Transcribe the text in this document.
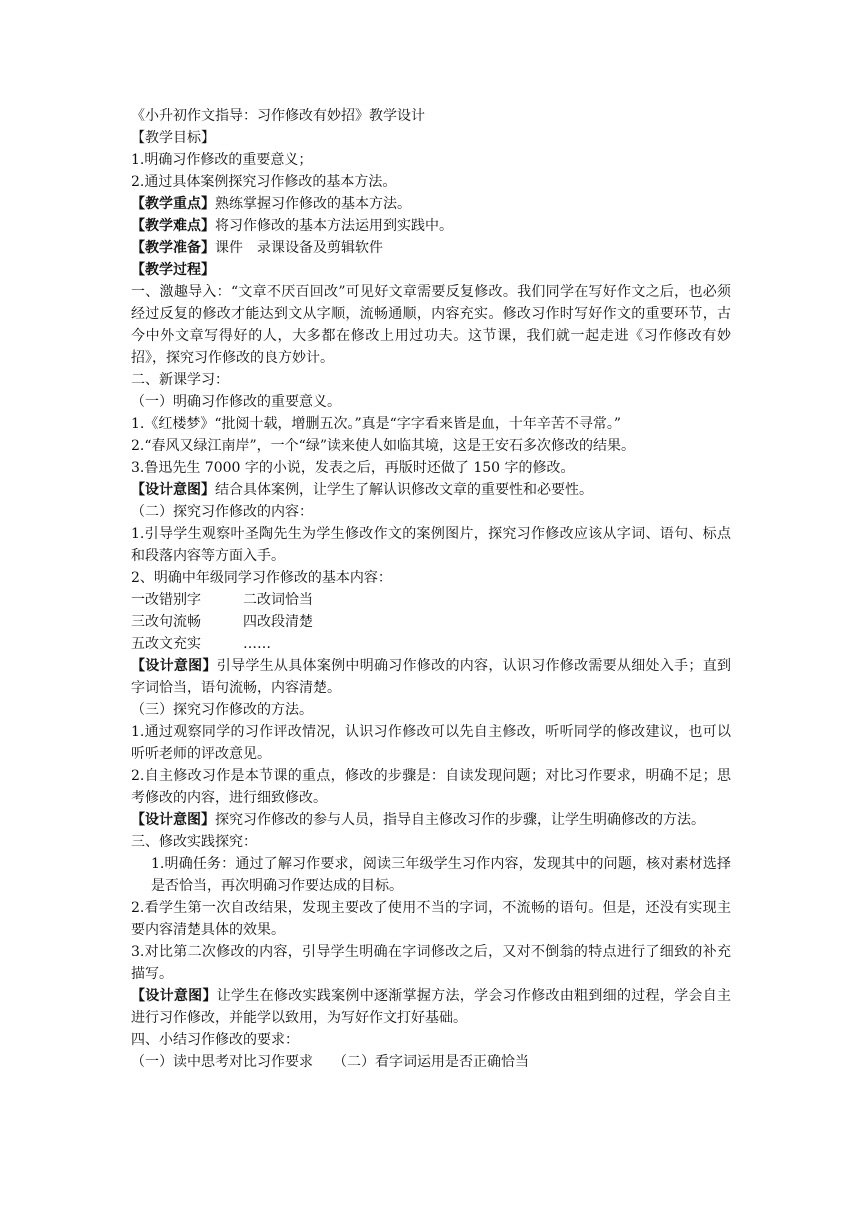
《小升初作文指导：习作修改有妙招》教学设计
【教学目标】
1.明确习作修改的重要意义；
2.通过具体案例探究习作修改的基本方法。
【教学重点】熟练掌握习作修改的基本方法。
【教学难点】将习作修改的基本方法运用到实践中。
【教学准备】课件　录课设备及剪辑软件
【教学过程】
一、激趣导入：“文章不厌百回改”可见好文章需要反复修改。我们同学在写好作文之后，也必须经过反复的修改才能达到文从字顺，流畅通顺，内容充实。修改习作时写好作文的重要环节，古今中外文章写得好的人，大多都在修改上用过功夫。这节课，我们就一起走进《习作修改有妙招》，探究习作修改的良方妙计。
二、新课学习：
（一）明确习作修改的重要意义。
1.《红楼梦》“批阅十载，增删五次。”真是“字字看来皆是血，十年辛苦不寻常。”
2.“春风又绿江南岸”，一个“绿”读来使人如临其境，这是王安石多次修改的结果。
3.鲁迅先生 7000 字的小说，发表之后，再版时还做了 150 字的修改。
【设计意图】结合具体案例，让学生了解认识修改文章的重要性和必要性。
（二）探究习作修改的内容：
1.引导学生观察叶圣陶先生为学生修改作文的案例图片，探究习作修改应该从字词、语句、标点和段落内容等方面入手。
2、明确中年级同学习作修改的基本内容：
一改错别字	二改词恰当
三改句流畅	四改段清楚
五改文充实	……
【设计意图】引导学生从具体案例中明确习作修改的内容，认识习作修改需要从细处入手；直到字词恰当，语句流畅，内容清楚。
（三）探究习作修改的方法。
1.通过观察同学的习作评改情况，认识习作修改可以先自主修改，听听同学的修改建议，也可以听听老师的评改意见。
2.自主修改习作是本节课的重点，修改的步骤是：自读发现问题；对比习作要求，明确不足；思考修改的内容，进行细致修改。
【设计意图】探究习作修改的参与人员，指导自主修改习作的步骤，让学生明确修改的方法。
三、修改实践探究：
1.明确任务：通过了解习作要求，阅读三年级学生习作内容，发现其中的问题，核对素材选择是否恰当，再次明确习作要达成的目标。
2.看学生第一次自改结果，发现主要改了使用不当的字词，不流畅的语句。但是，还没有实现主要内容清楚具体的效果。
3.对比第二次修改的内容，引导学生明确在字词修改之后，又对不倒翁的特点进行了细致的补充描写。
【设计意图】让学生在修改实践案例中逐渐掌握方法，学会习作修改由粗到细的过程，学会自主进行习作修改，并能学以致用，为写好作文打好基础。
四、小结习作修改的要求：
（一）读中思考对比习作要求 （二）看字词运用是否正确恰当
